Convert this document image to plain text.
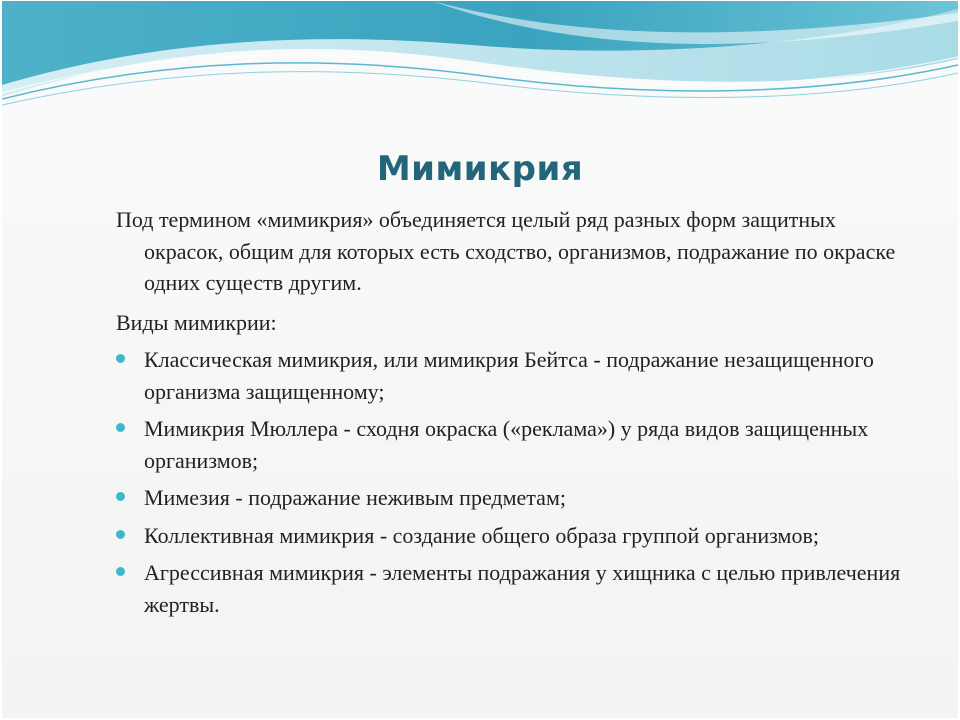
Мимикрия

Под термином «мимикрия» объединяется целый ряд разных форм защитных окрасок, общим для которых есть сходство, организмов, подражание по окраске одних существ другим.

Виды мимикрии:

Классическая мимикрия, или мимикрия Бейтса - подражание незащищенного организма защищенному;
Мимикрия Мюллера - сходня окраска («реклама») у ряда видов защищенных организмов;
Мимезия - подражание неживым предметам;
Коллективная мимикрия - создание общего образа группой организмов;
Агрессивная мимикрия - элементы подражания у хищника с целью привлечения жертвы.
